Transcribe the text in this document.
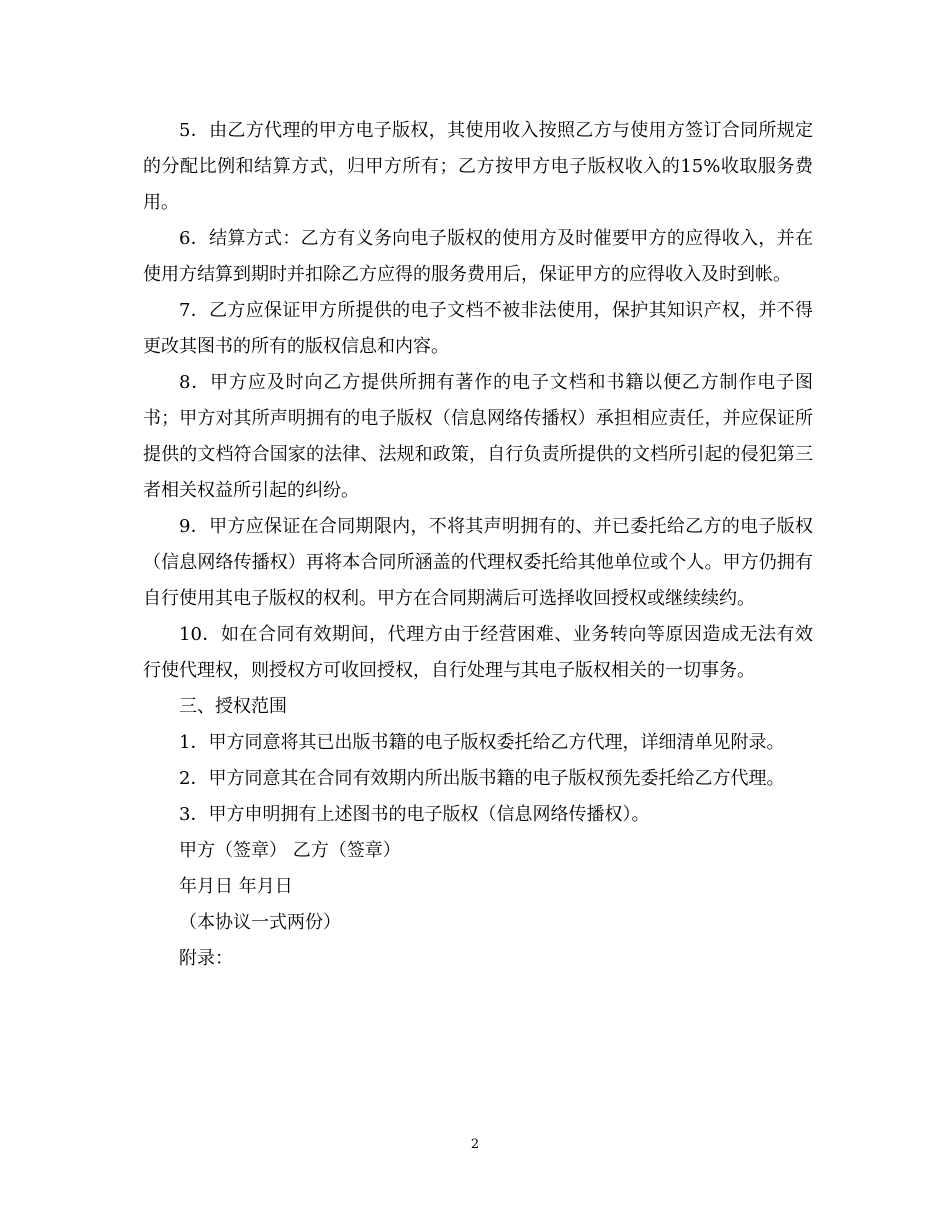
5．由乙方代理的甲方电子版权，其使用收入按照乙方与使用方签订合同所规定的分配比例和结算方式，归甲方所有；乙方按甲方电子版权收入的15%收取服务费用。

6．结算方式：乙方有义务向电子版权的使用方及时催要甲方的应得收入，并在使用方结算到期时并扣除乙方应得的服务费用后，保证甲方的应得收入及时到帐。

7．乙方应保证甲方所提供的电子文档不被非法使用，保护其知识产权，并不得更改其图书的所有的版权信息和内容。

8．甲方应及时向乙方提供所拥有著作的电子文档和书籍以便乙方制作电子图书；甲方对其所声明拥有的电子版权（信息网络传播权）承担相应责任，并应保证所提供的文档符合国家的法律、法规和政策，自行负责所提供的文档所引起的侵犯第三者相关权益所引起的纠纷。

9．甲方应保证在合同期限内，不将其声明拥有的、并已委托给乙方的电子版权（信息网络传播权）再将本合同所涵盖的代理权委托给其他单位或个人。甲方仍拥有自行使用其电子版权的权利。甲方在合同期满后可选择收回授权或继续续约。

10．如在合同有效期间，代理方由于经营困难、业务转向等原因造成无法有效行使代理权，则授权方可收回授权，自行处理与其电子版权相关的一切事务。

三、授权范围

1．甲方同意将其已出版书籍的电子版权委托给乙方代理，详细清单见附录。

2．甲方同意其在合同有效期内所出版书籍的电子版权预先委托给乙方代理。

3．甲方申明拥有上述图书的电子版权（信息网络传播权）。

甲方（签章） 乙方（签章）

年月日 年月日

（本协议一式两份）

附录：

2
